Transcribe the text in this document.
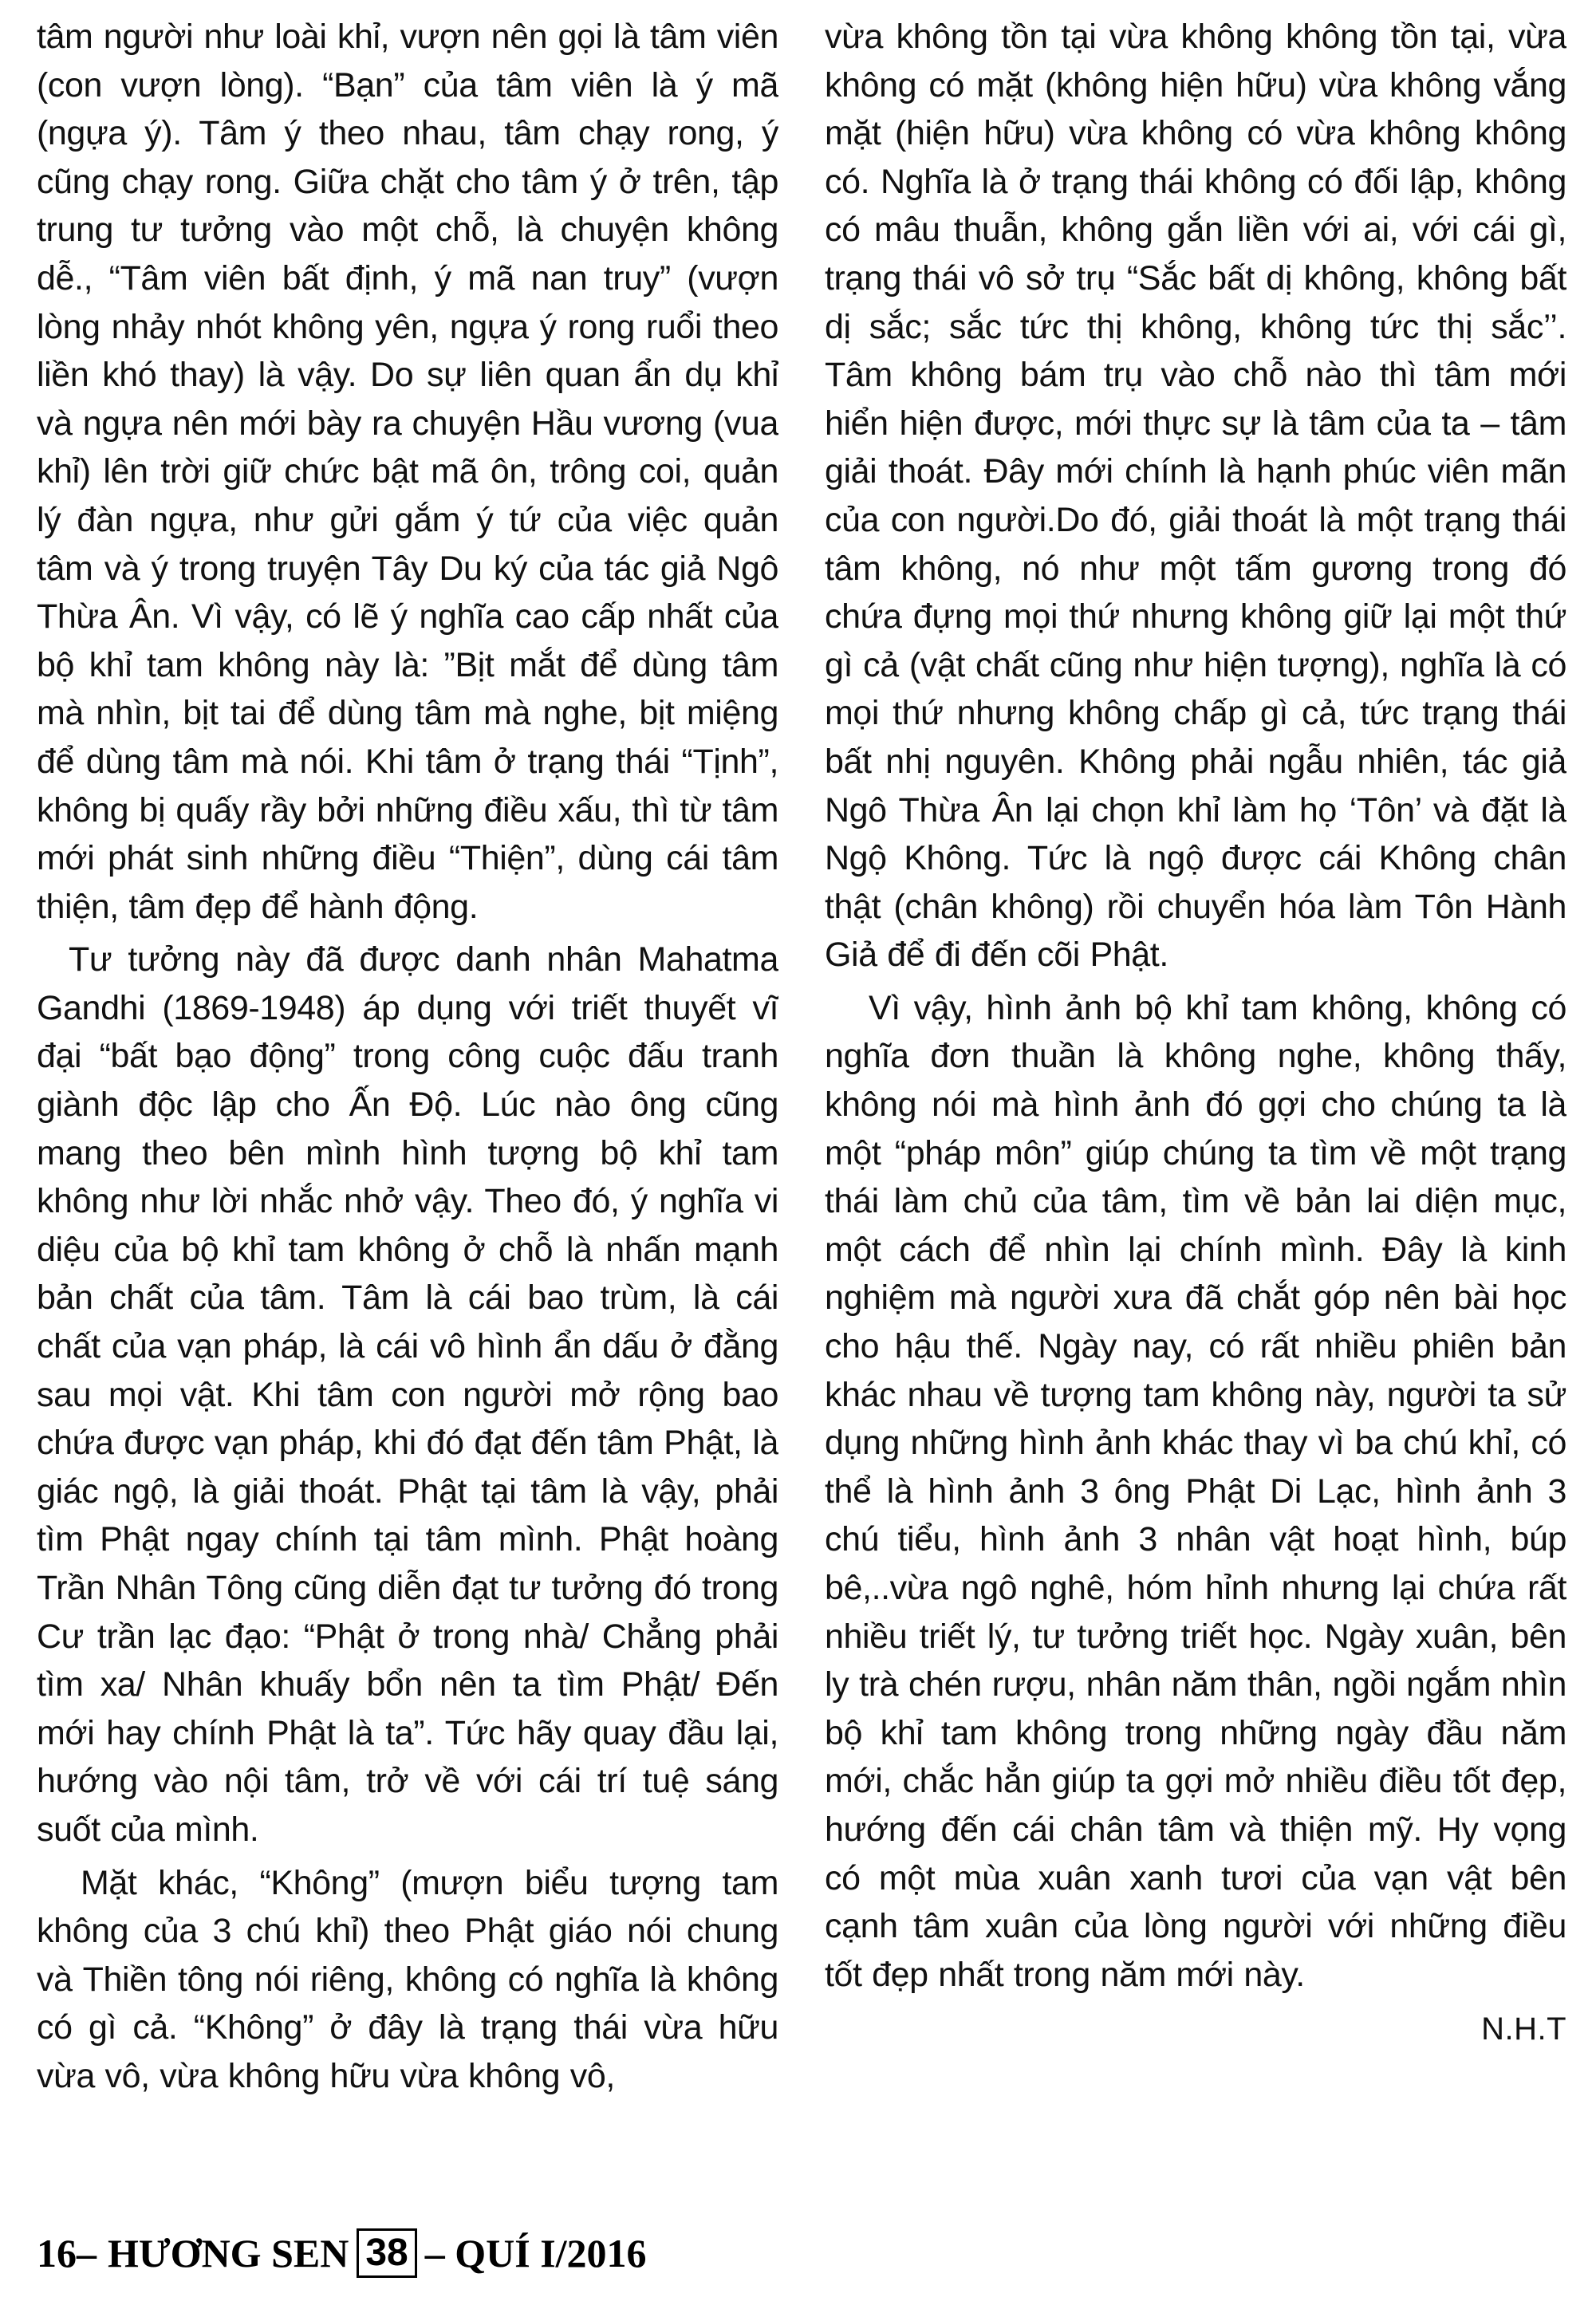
tâm người như loài khỉ, vượn nên gọi là tâm viên (con vượn lòng). “Bạn” của tâm viên là ý mã (ngựa ý). Tâm ý theo nhau, tâm chạy rong, ý cũng chạy rong. Giữa chặt cho tâm ý ở trên, tập trung tư tưởng vào một chỗ, là chuyện không dễ., “Tâm viên bất định, ý mã nan truy” (vượn lòng nhảy nhót không yên, ngựa ý rong ruổi theo liền khó thay) là vậy. Do sự liên quan ẩn dụ khỉ và ngựa nên mới bày ra chuyện Hầu vương (vua khỉ) lên trời giữ chức bật mã ôn, trông coi, quản lý đàn ngựa, như gửi gắm ý tứ của việc quản tâm và ý trong truyện Tây Du ký của tác giả Ngô Thừa Ân. Vì vậy, có lẽ ý nghĩa cao cấp nhất của bộ khỉ tam không này là: ”Bịt mắt để dùng tâm mà nhìn, bịt tai để dùng tâm mà nghe, bịt miệng để dùng tâm mà nói. Khi tâm ở trạng thái “Tịnh”, không bị quấy rầy bởi những điều xấu, thì từ tâm mới phát sinh những điều “Thiện”, dùng cái tâm thiện, tâm đẹp để hành động.

Tư tưởng này đã được danh nhân Mahatma Gandhi (1869-1948) áp dụng với triết thuyết vĩ đại “bất bạo động” trong công cuộc đấu tranh giành độc lập cho Ấn Độ. Lúc nào ông cũng mang theo bên mình hình tượng bộ khỉ tam không như lời nhắc nhở vậy. Theo đó, ý nghĩa vi diệu của bộ khỉ tam không ở chỗ là nhấn mạnh bản chất của tâm. Tâm là cái bao trùm, là cái chất của vạn pháp, là cái vô hình ẩn dấu ở đằng sau mọi vật. Khi tâm con người mở rộng bao chứa được vạn pháp, khi đó đạt đến tâm Phật, là giác ngộ, là giải thoát. Phật tại tâm là vậy, phải tìm Phật ngay chính tại tâm mình. Phật hoàng Trần Nhân Tông cũng diễn đạt tư tưởng đó trong Cư trần lạc đạo: “Phật ở trong nhà/ Chẳng phải tìm xa/ Nhân khuấy bổn nên ta tìm Phật/ Đến mới hay chính Phật là ta”. Tức hãy quay đầu lại, hướng vào nội tâm, trở về với cái trí tuệ sáng suốt của mình.

Mặt khác, “Không” (mượn biểu tượng tam không của 3 chú khỉ) theo Phật giáo nói chung và Thiền tông nói riêng, không có nghĩa là không có gì cả. “Không” ở đây là trạng thái vừa hữu vừa vô, vừa không hữu vừa không vô,

vừa không tồn tại vừa không không tồn tại, vừa không có mặt (không hiện hữu) vừa không vắng mặt (hiện hữu) vừa không có vừa không không có. Nghĩa là ở trạng thái không có đối lập, không có mâu thuẫn, không gắn liền với ai, với cái gì, trạng thái vô sở trụ “Sắc bất dị không, không bất dị sắc; sắc tức thị không, không tức thị sắc’’. Tâm không bám trụ vào chỗ nào thì tâm mới hiển hiện được, mới thực sự là tâm của ta – tâm giải thoát. Đây mới chính là hạnh phúc viên mãn của con người.Do đó, giải thoát là một trạng thái tâm không, nó như một tấm gương trong đó chứa đựng mọi thứ nhưng không giữ lại một thứ gì cả (vật chất cũng như hiện tượng), nghĩa là có mọi thứ nhưng không chấp gì cả, tức trạng thái bất nhị nguyên. Không phải ngẫu nhiên, tác giả Ngô Thừa Ân lại chọn khỉ làm họ ‘Tôn’ và đặt là Ngộ Không. Tức là ngộ được cái Không chân thật (chân không) rồi chuyển hóa làm Tôn Hành Giả để đi đến cõi Phật.

Vì vậy, hình ảnh bộ khỉ tam không, không có nghĩa đơn thuần là không nghe, không thấy, không nói mà hình ảnh đó gợi cho chúng ta là một “pháp môn” giúp chúng ta tìm về một trạng thái làm chủ của tâm, tìm về bản lai diện mục, một cách để nhìn lại chính mình. Đây là kinh nghiệm mà người xưa đã chắt góp nên bài học cho hậu thế. Ngày nay, có rất nhiều phiên bản khác nhau về tượng tam không này, người ta sử dụng những hình ảnh khác thay vì ba chú khỉ, có thể là hình ảnh 3 ông Phật Di Lạc, hình ảnh 3 chú tiểu, hình ảnh 3 nhân vật hoạt hình, búp bê,..vừa ngô nghê, hóm hỉnh nhưng lại chứa rất nhiều triết lý, tư tưởng triết học. Ngày xuân, bên ly trà chén rượu, nhân năm thân, ngồi ngắm nhìn bộ khỉ tam không trong những ngày đầu năm mới, chắc hẳn giúp ta gợi mở nhiều điều tốt đẹp, hướng đến cái chân tâm và thiện mỹ. Hy vọng có một mùa xuân xanh tươi của vạn vật bên cạnh tâm xuân của lòng người với những điều tốt đẹp nhất trong năm mới này.

N.H.T
16 – HƯƠNG SEN 38 – QUÍ I/2016
